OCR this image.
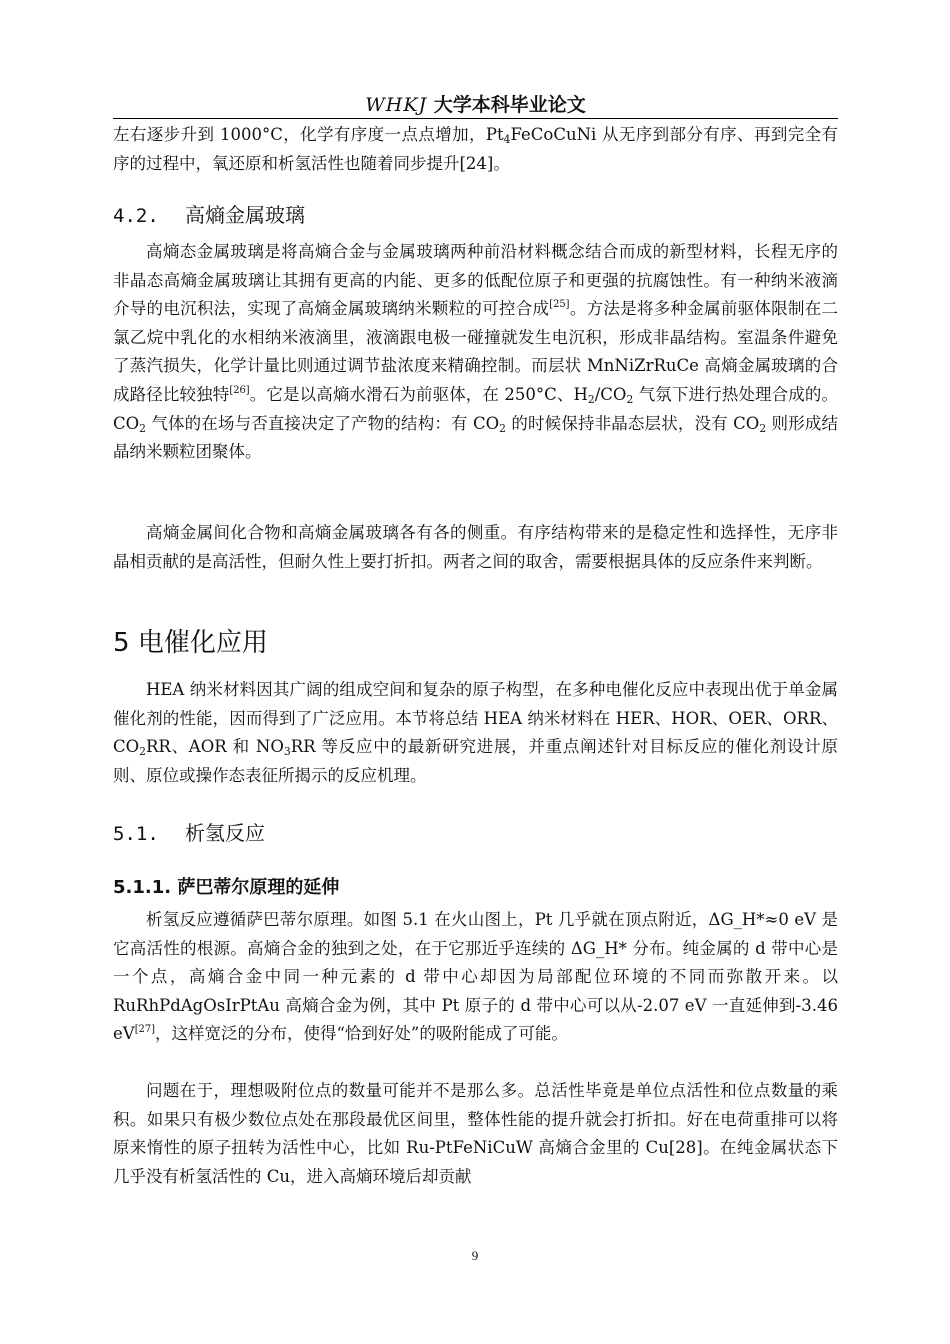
WHKJ 大学本科毕业论文

左右逐步升到 1000°C，化学有序度一点点增加，$Pt_4FeCoCuNi$ 从无序到部分有序、再到完全有序的过程中，氧还原和析氢活性也随着同步提升[24]。

4.2. 高熵金属玻璃

高熵态金属玻璃是将高熵合金与金属玻璃两种前沿材料概念结合而成的新型材料，长程无序的非晶态高熵金属玻璃让其拥有更高的内能、更多的低配位原子和更强的抗腐蚀性。有一种纳米液滴介导的电沉积法，实现了高熵金属玻璃纳米颗粒的可控合成[25]。方法是将多种金属前驱体限制在二氯乙烷中乳化的水相纳米液滴里，液滴跟电极一碰撞就发生电沉积，形成非晶结构。室温条件避免了蒸汽损失，化学计量比则通过调节盐浓度来精确控制。而层状 MnNiZrRuCe 高熵金属玻璃的合成路径比较独特[26]。它是以高熵水滑石为前驱体，在 250°C、$H_2/CO_2$ 气氛下进行热处理合成的。$CO_2$ 气体的在场与否直接决定了产物的结构：有 $CO_2$ 的时候保持非晶态层状，没有 $CO_2$ 则形成结晶纳米颗粒团聚体。

高熵金属间化合物和高熵金属玻璃各有各的侧重。有序结构带来的是稳定性和选择性，无序非晶相贡献的是高活性，但耐久性上要打折扣。两者之间的取舍，需要根据具体的反应条件来判断。

5 电催化应用

HEA 纳米材料因其广阔的组成空间和复杂的原子构型，在多种电催化反应中表现出优于单金属催化剂的性能，因而得到了广泛应用。本节将总结 HEA 纳米材料在 HER、HOR、OER、ORR、$CO_2RR$、AOR 和 $NO_3RR$ 等反应中的最新研究进展，并重点阐述针对目标反应的催化剂设计原则、原位或操作态表征所揭示的反应机理。

5.1. 析氢反应
5.1.1. 萨巴蒂尔原理的延伸

析氢反应遵循萨巴蒂尔原理。如图 5.1 在火山图上，Pt 几乎就在顶点附近，ΔG_H*≈0 eV 是它高活性的根源。高熵合金的独到之处，在于它那近乎连续的 ΔG_H* 分布。纯金属的 d 带中心是一个点，高熵合金中同一种元素的 d 带中心却因为局部配位环境的不同而弥散开来。以 RuRhPdAgOsIrPtAu 高熵合金为例，其中 Pt 原子的 d 带中心可以从-2.07 eV 一直延伸到-3.46 eV[27]，这样宽泛的分布，使得“恰到好处”的吸附能成了可能。

问题在于，理想吸附位点的数量可能并不是那么多。总活性毕竟是单位点活性和位点数量的乘积。如果只有极少数位点处在那段最优区间里，整体性能的提升就会打折扣。好在电荷重排可以将原来惰性的原子扭转为活性中心，比如 Ru-PtFeNiCuW 高熵合金里的 Cu[28]。在纯金属状态下几乎没有析氢活性的 Cu，进入高熵环境后却贡献

9
